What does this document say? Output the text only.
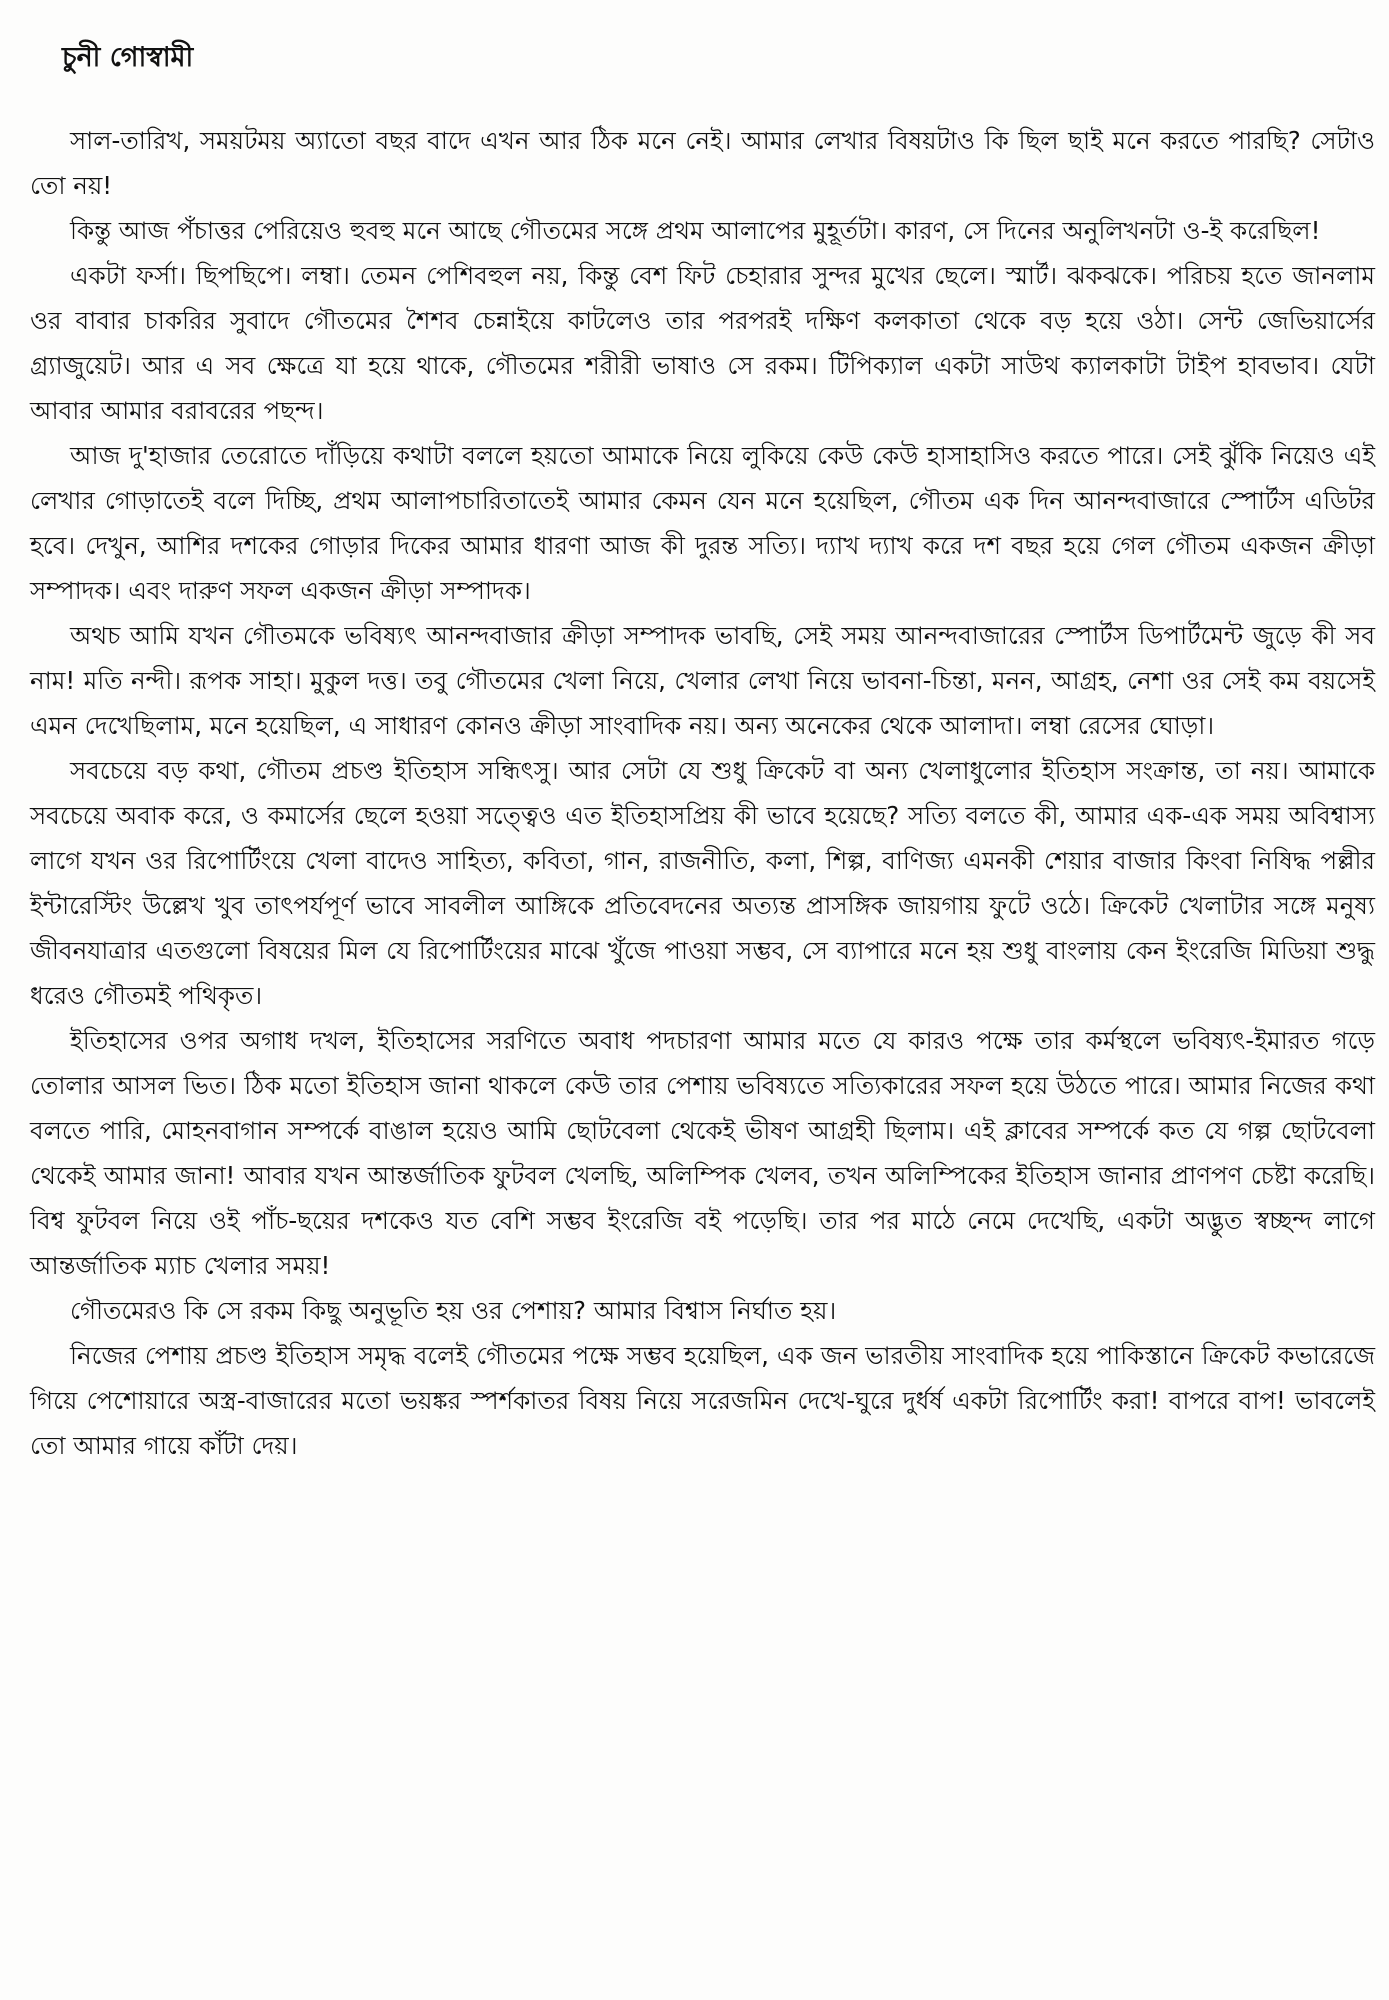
চুনী গোস্বামী

সাল-তারিখ, সময়টময় অ্যাতো বছর বাদে এখন আর ঠিক মনে নেই। আমার লেখার বিষয়টাও কি ছিল ছাই মনে করতে পারছি? সেটাও তো নয়!

কিন্তু আজ পঁচাত্তর পেরিয়েও হুবহু মনে আছে গৌতমের সঙ্গে প্রথম আলাপের মুহূর্তটা। কারণ, সে দিনের অনুলিখনটা ও-ই করেছিল!

একটা ফর্সা। ছিপছিপে। লম্বা। তেমন পেশিবহুল নয়, কিন্তু বেশ ফিট চেহারার সুন্দর মুখের ছেলে। স্মার্ট। ঝকঝকে। পরিচয় হতে জানলাম ওর বাবার চাকরির সুবাদে গৌতমের শৈশব চেন্নাইয়ে কাটলেও তার পরপরই দক্ষিণ কলকাতা থেকে বড় হয়ে ওঠা। সেন্ট জেভিয়ার্সের গ্র্যাজুয়েট। আর এ সব ক্ষেত্রে যা হয়ে থাকে, গৌতমের শরীরী ভাষাও সে রকম। টিপিক্যাল একটা সাউথ ক্যালকাটা টাইপ হাবভাব। যেটা আবার আমার বরাবরের পছন্দ।

আজ দু'হাজার তেরোতে দাঁড়িয়ে কথাটা বললে হয়তো আমাকে নিয়ে লুকিয়ে কেউ কেউ হাসাহাসিও করতে পারে। সেই ঝুঁকি নিয়েও এই লেখার গোড়াতেই বলে দিচ্ছি, প্রথম আলাপচারিতাতেই আমার কেমন যেন মনে হয়েছিল, গৌতম এক দিন আনন্দবাজারে স্পোর্টস এডিটর হবে। দেখুন, আশির দশকের গোড়ার দিকের আমার ধারণা আজ কী দুরন্ত সত্যি। দ্যাখ দ্যাখ করে দশ বছর হয়ে গেল গৌতম একজন ক্রীড়া সম্পাদক। এবং দারুণ সফল একজন ক্রীড়া সম্পাদক।

অথচ আমি যখন গৌতমকে ভবিষ্যৎ আনন্দবাজার ক্রীড়া সম্পাদক ভাবছি, সেই সময় আনন্দবাজারের স্পোর্টস ডিপার্টমেন্ট জুড়ে কী সব নাম! মতি নন্দী। রূপক সাহা। মুকুল দত্ত। তবু গৌতমের খেলা নিয়ে, খেলার লেখা নিয়ে ভাবনা-চিন্তা, মনন, আগ্রহ, নেশা ওর সেই কম বয়সেই এমন দেখেছিলাম, মনে হয়েছিল, এ সাধারণ কোনও ক্রীড়া সাংবাদিক নয়। অন্য অনেকের থেকে আলাদা। লম্বা রেসের ঘোড়া।

সবচেয়ে বড় কথা, গৌতম প্রচণ্ড ইতিহাস সন্ধিৎসু। আর সেটা যে শুধু ক্রিকেট বা অন্য খেলাধুলোর ইতিহাস সংক্রান্ত, তা নয়। আমাকে সবচেয়ে অবাক করে, ও কমার্সের ছেলে হওয়া সত্ত্বেও এত ইতিহাসপ্রিয় কী ভাবে হয়েছে? সত্যি বলতে কী, আমার এক-এক সময় অবিশ্বাস্য লাগে যখন ওর রিপোর্টিংয়ে খেলা বাদেও সাহিত্য, কবিতা, গান, রাজনীতি, কলা, শিল্প, বাণিজ্য এমনকী শেয়ার বাজার কিংবা নিষিদ্ধ পল্লীর ইন্টারেস্টিং উল্লেখ খুব তাৎপর্যপূর্ণ ভাবে সাবলীল আঙ্গিকে প্রতিবেদনের অত্যন্ত প্রাসঙ্গিক জায়গায় ফুটে ওঠে। ক্রিকেট খেলাটার সঙ্গে মনুষ্য জীবনযাত্রার এতগুলো বিষয়ের মিল যে রিপোর্টিংয়ের মাঝে খুঁজে পাওয়া সম্ভব, সে ব্যাপারে মনে হয় শুধু বাংলায় কেন ইংরেজি মিডিয়া শুদ্ধু ধরেও গৌতমই পথিকৃত।

ইতিহাসের ওপর অগাধ দখল, ইতিহাসের সরণিতে অবাধ পদচারণা আমার মতে যে কারও পক্ষে তার কর্মস্থলে ভবিষ্যৎ-ইমারত গড়ে তোলার আসল ভিত। ঠিক মতো ইতিহাস জানা থাকলে কেউ তার পেশায় ভবিষ্যতে সত্যিকারের সফল হয়ে উঠতে পারে। আমার নিজের কথা বলতে পারি, মোহনবাগান সম্পর্কে বাঙাল হয়েও আমি ছোটবেলা থেকেই ভীষণ আগ্রহী ছিলাম। এই ক্লাবের সম্পর্কে কত যে গল্প ছোটবেলা থেকেই আমার জানা! আবার যখন আন্তর্জাতিক ফুটবল খেলছি, অলিম্পিক খেলব, তখন অলিম্পিকের ইতিহাস জানার প্রাণপণ চেষ্টা করেছি। বিশ্ব ফুটবল নিয়ে ওই পাঁচ-ছয়ের দশকেও যত বেশি সম্ভব ইংরেজি বই পড়েছি। তার পর মাঠে নেমে দেখেছি, একটা অদ্ভুত স্বচ্ছন্দ লাগে আন্তর্জাতিক ম্যাচ খেলার সময়!

গৌতমেরও কি সে রকম কিছু অনুভূতি হয় ওর পেশায়? আমার বিশ্বাস নির্ঘাত হয়।

নিজের পেশায় প্রচণ্ড ইতিহাস সমৃদ্ধ বলেই গৌতমের পক্ষে সম্ভব হয়েছিল, এক জন ভারতীয় সাংবাদিক হয়ে পাকিস্তানে ক্রিকেট কভারেজে গিয়ে পেশোয়ারে অস্ত্র-বাজারের মতো ভয়ঙ্কর স্পর্শকাতর বিষয় নিয়ে সরেজমিন দেখে-ঘুরে দুর্ধর্ষ একটা রিপোর্টিং করা! বাপরে বাপ! ভাবলেই তো আমার গায়ে কাঁটা দেয়।
